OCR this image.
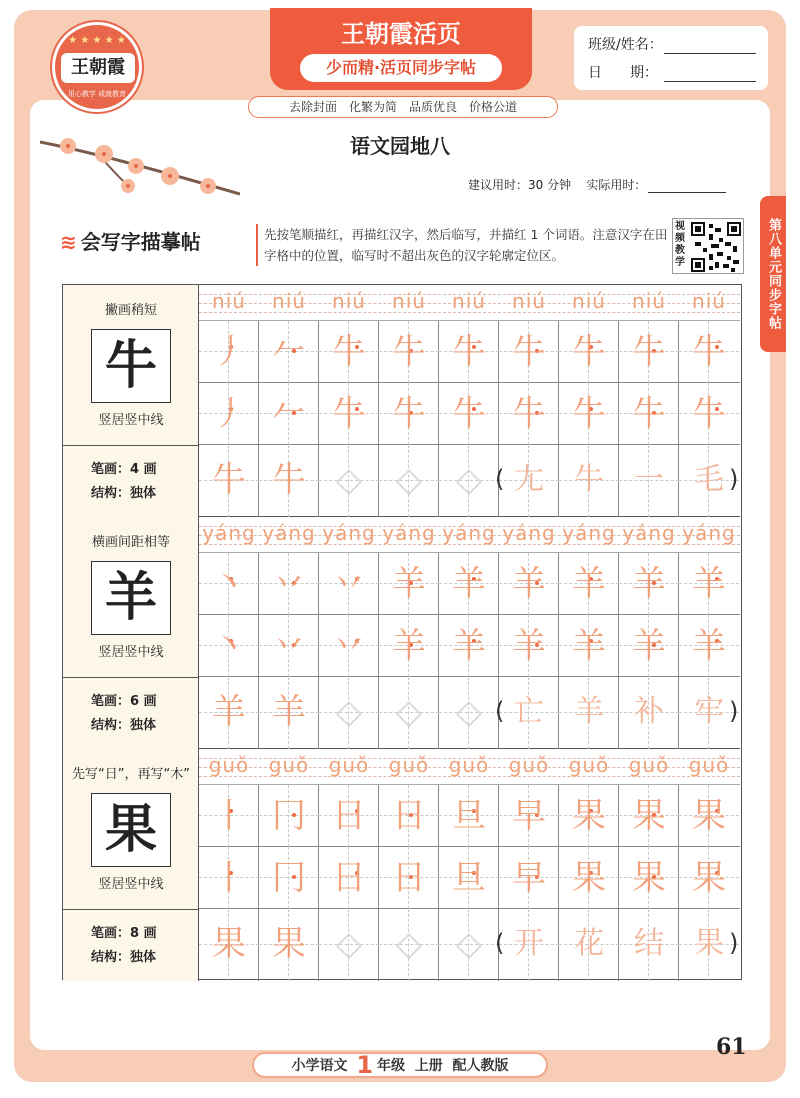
★ ★ ★ ★ ★
王朝霞
用心教学 成就教育
王朝霞活页
少而精·活页同步字帖
去除封面　化繁为简　品质优良　价格公道
班级/姓名：
日　　期：
语文园地八
建议用时：30 分钟 实际用时：
第八单元同步字帖
≋ 会写字描摹帖	先按笔顺描红，再描红汉字，然后临写，并描红 1 个词语。注意汉字在田字格中的位置，临写时不超出灰色的汉字轮廓定位区。
视频教学
撇画稍短
牛
竖居竖中线
笔画：4 画
结构：独体
niú	niú	niú	niú	niú	niú	niú	niú	niú
丿 𠂉 牛 牛 牛 牛 牛 牛 牛
丿 𠂉 牛 牛 牛 牛 牛 牛 牛
牛 牛 ◇ ◇ ◇	尢	牛	一	毛
(	)
横画间距相等
羊
竖居竖中线
笔画：6 画
结构：独体
yáng yáng yáng yáng yáng yáng yáng yáng yáng
丶 丷 丷 羊 羊 羊 羊 羊 羊
丶 丷 丷 羊 羊 羊 羊 羊 羊
羊 羊 ◇ ◇ ◇	亡	羊	补	牢
(	)
先写“日”，再写“木”
果
竖居竖中线
笔画：8 画
结构：独体
guǒ guǒ guǒ guǒ guǒ guǒ guǒ guǒ guǒ
丨 冂 日 日 旦 早 果 果 果
丨 冂 日 日 旦 早 果 果 果
果 果 ◇ ◇ ◇	开	花	结	果
(	)
小学语文 1 年级 上册 配人教版
61
